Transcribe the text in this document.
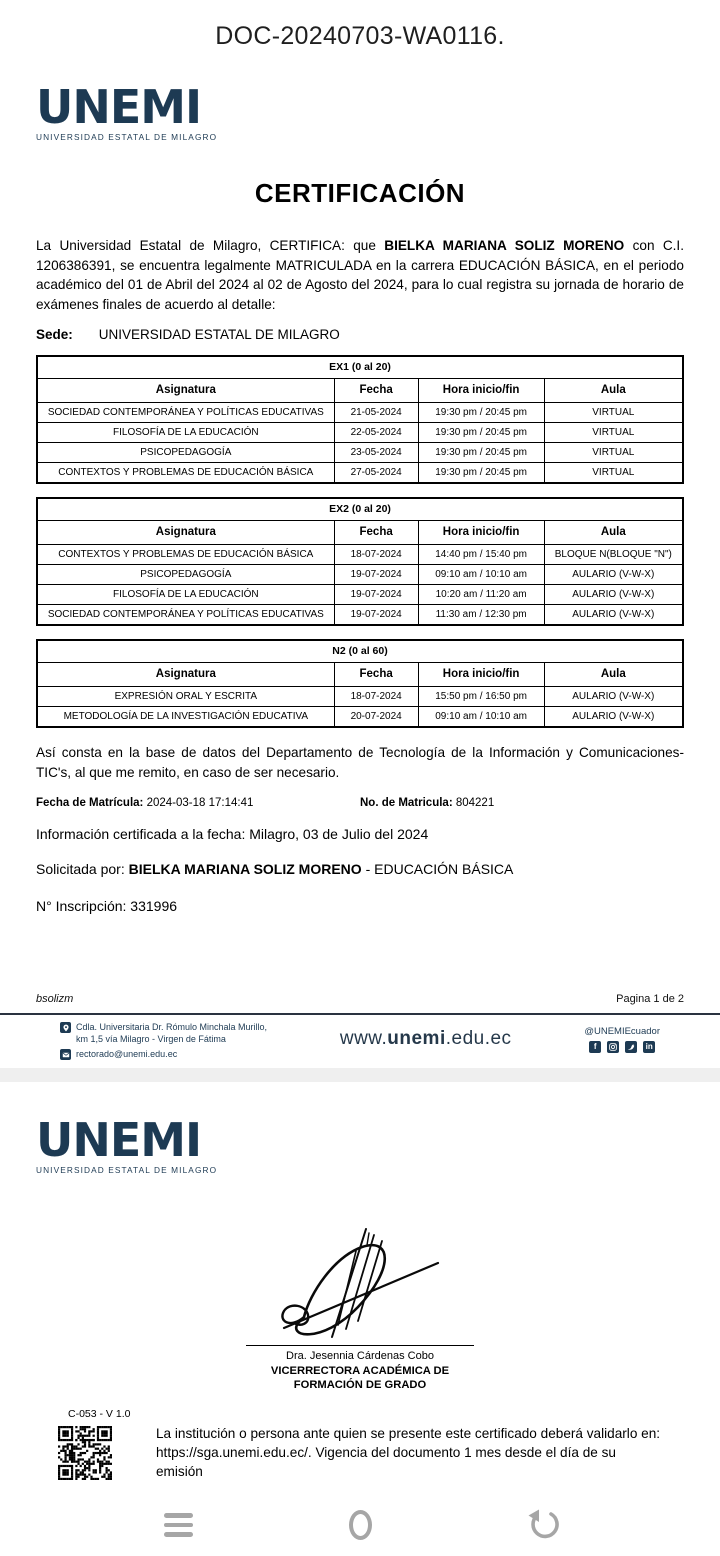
DOC-20240703-WA0116.
UNEMI
UNIVERSIDAD ESTATAL DE MILAGRO
CERTIFICACIÓN

La Universidad Estatal de Milagro, CERTIFICA: que BIELKA MARIANA SOLIZ MORENO con C.I. 1206386391, se encuentra legalmente MATRICULADA en la carrera EDUCACIÓN BÁSICA, en el periodo académico del 01 de Abril del 2024 al 02 de Agosto del 2024, para lo cual registra su jornada de horario de exámenes finales de acuerdo al detalle:

Sede: UNIVERSIDAD ESTATAL DE MILAGRO
EX1 (0 al 20)			
Asignatura	Fecha	Hora inicio/fin	Aula
SOCIEDAD CONTEMPORÁNEA Y POLÍTICAS EDUCATIVAS	21-05-2024	19:30 pm / 20:45 pm	VIRTUAL
FILOSOFÍA DE LA EDUCACIÓN	22-05-2024	19:30 pm / 20:45 pm	VIRTUAL
PSICOPEDAGOGÍA	23-05-2024	19:30 pm / 20:45 pm	VIRTUAL
CONTEXTOS Y PROBLEMAS DE EDUCACIÓN BÁSICA	27-05-2024	19:30 pm / 20:45 pm	VIRTUAL
EX2 (0 al 20)			
Asignatura	Fecha	Hora inicio/fin	Aula
CONTEXTOS Y PROBLEMAS DE EDUCACIÓN BÁSICA	18-07-2024	14:40 pm / 15:40 pm	BLOQUE N(BLOQUE "N")
PSICOPEDAGOGÍA	19-07-2024	09:10 am / 10:10 am	AULARIO (V-W-X)
FILOSOFÍA DE LA EDUCACIÓN	19-07-2024	10:20 am / 11:20 am	AULARIO (V-W-X)
SOCIEDAD CONTEMPORÁNEA Y POLÍTICAS EDUCATIVAS	19-07-2024	11:30 am / 12:30 pm	AULARIO (V-W-X)
N2 (0 al 60)			
Asignatura	Fecha	Hora inicio/fin	Aula
EXPRESIÓN ORAL Y ESCRITA	18-07-2024	15:50 pm / 16:50 pm	AULARIO (V-W-X)
METODOLOGÍA DE LA INVESTIGACIÓN EDUCATIVA	20-07-2024	09:10 am / 10:10 am	AULARIO (V-W-X)

Así consta en la base de datos del Departamento de Tecnología de la Información y Comunicaciones-TIC's, al que me remito, en caso de ser necesario.

Fecha de Matrícula: 2024-03-18 17:14:41	No. de Matricula: 804221
Información certificada a la fecha: Milagro, 03 de Julio del 2024
Solicitada por: BIELKA MARIANA SOLIZ MORENO - EDUCACIÓN BÁSICA
N° Inscripción: 331996
bsolizm	Pagina 1 de 2
Cdla. Universitaria Dr. Rómulo Minchala Murillo,
km 1,5 vía Milagro - Virgen de Fátima
rectorado@unemi.edu.ec
www.unemi.edu.ec	@UNEMIEcuador
f	in
UNEMI
UNIVERSIDAD ESTATAL DE MILAGRO
Dra. Jesennia Cárdenas Cobo
VICERRECTORA ACADÉMICA DE
FORMACIÓN DE GRADO
C-053 - V 1.0
La institución o persona ante quien se presente este certificado deberá validarlo en: https://sga.unemi.edu.ec/. Vigencia del documento 1 mes desde el día de su emisión
